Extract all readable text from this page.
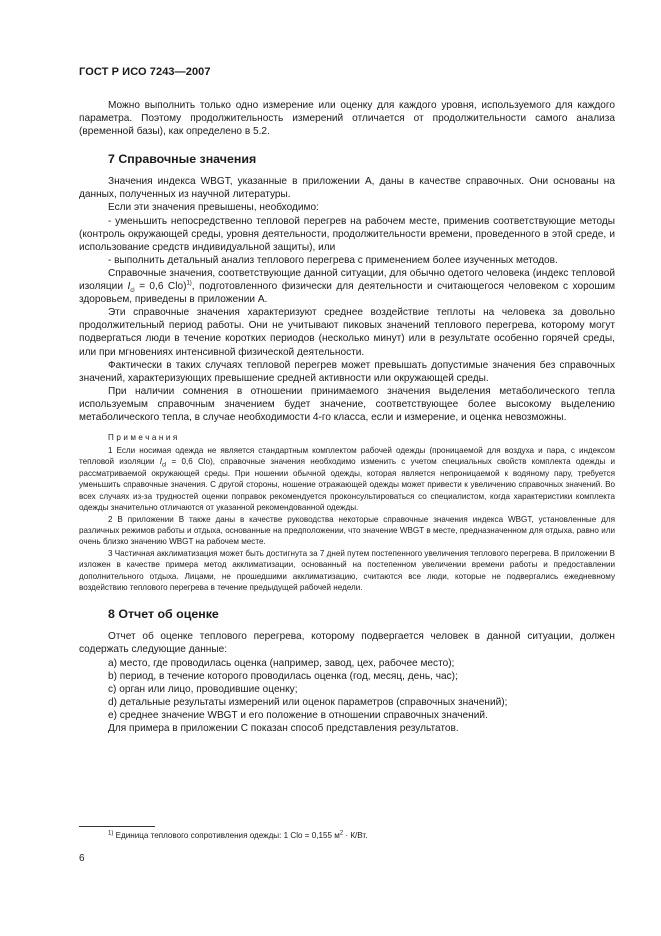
ГОСТ Р ИСО 7243—2007

Можно выполнить только одно измерение или оценку для каждого уровня, используемого для каждого параметра. Поэтому продолжительность измерений отличается от продолжительности самого анализа (временной базы), как определено в 5.2.

7 Справочные значения

Значения индекса WBGT, указанные в приложении А, даны в качестве справочных. Они основаны на данных, полученных из научной литературы.

Если эти значения превышены, необходимо:

- уменьшить непосредственно тепловой перегрев на рабочем месте, применив соответствующие методы (контроль окружающей среды, уровня деятельности, продолжительности времени, проведенного в этой среде, и использование средств индивидуальной защиты), или

- выполнить детальный анализ теплового перегрева с применением более изученных методов.

Справочные значения, соответствующие данной ситуации, для обычно одетого человека (индекс тепловой изоляции $I_{cl} = 0,6$ Clo)$^{1)}$, подготовленного физически для деятельности и считающегося человеком с хорошим здоровьем, приведены в приложении А.

Эти справочные значения характеризуют среднее воздействие теплоты на человека за довольно продолжительный период работы. Они не учитывают пиковых значений теплового перегрева, которому могут подвергаться люди в течение коротких периодов (несколько минут) или в результате особенно горячей среды, или при мгновениях интенсивной физической деятельности.

Фактически в таких случаях тепловой перегрев может превышать допустимые значения без справочных значений, характеризующих превышение средней активности или окружающей среды.

При наличии сомнения в отношении принимаемого значения выделения метаболического тепла используемым справочным значением будет значение, соответствующее более высокому выделению метаболического тепла, в случае необходимости 4-го класса, если и измерение, и оценка невозможны.

Примечания
1 Если носимая одежда не является стандартным комплектом рабочей одежды (проницаемой для воздуха и пара, с индексом тепловой изоляции $I_{cl} = 0,6$ Clo), справочные значения необходимо изменить с учетом специальных свойств комплекта одежды и рассматриваемой окружающей среды. При ношении обычной одежды, которая является непроницаемой к водяному пару, требуется уменьшить справочные значения. С другой стороны, ношение отражающей одежды может привести к увеличению справочных значений. Во всех случаях из-за трудностей оценки поправок рекомендуется проконсультироваться со специалистом, когда характеристики комплекта одежды значительно отличаются от указанной рекомендованной одежды.
2 В приложении В также даны в качестве руководства некоторые справочные значения индекса WBGT, установленные для различных режимов работы и отдыха, основанные на предположении, что значение WBGT в месте, предназначенном для отдыха, равно или очень близко значению WBGT на рабочем месте.
3 Частичная акклиматизация может быть достигнута за 7 дней путем постепенного увеличения теплового перегрева. В приложении В изложен в качестве примера метод акклиматизации, основанный на постепенном увеличении времени работы и предоставлении дополнительного отдыха. Лицами, не прошедшими акклиматизацию, считаются все люди, которые не подвергались ежедневному воздействию теплового перегрева в течение предыдущей рабочей недели.
8 Отчет об оценке

Отчет об оценке теплового перегрева, которому подвергается человек в данной ситуации, должен содержать следующие данные:

a) место, где проводилась оценка (например, завод, цех, рабочее место);

b) период, в течение которого проводилась оценка (год, месяц, день, час);

c) орган или лицо, проводившие оценку;

d) детальные результаты измерений или оценок параметров (справочных значений);

e) среднее значение WBGT и его положение в отношении справочных значений.

Для примера в приложении С показан способ представления результатов.

$^{1)}$ Единица теплового сопротивления одежды: 1 Clo = 0,155 $м^2 \cdot К/Вт$.
6
